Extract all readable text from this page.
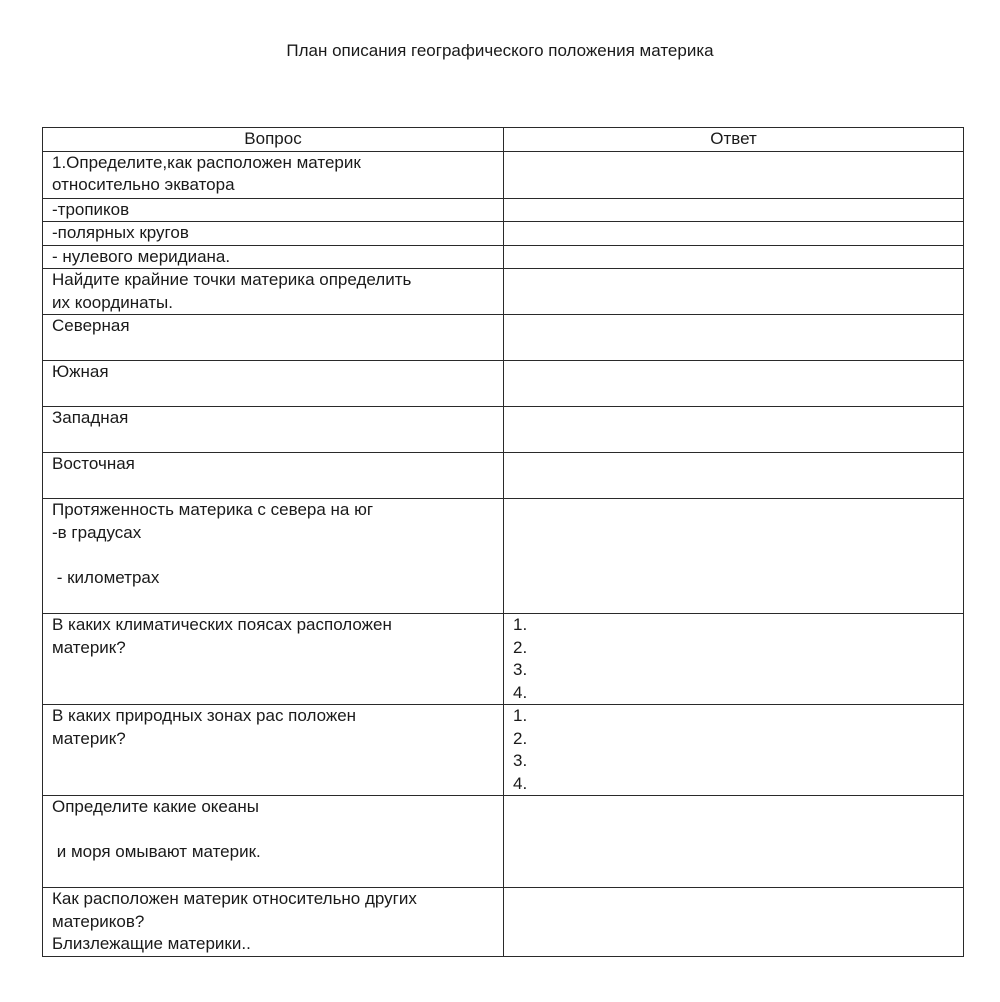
План описания географического положения материка
Вопрос	Ответ

1.Определите,как расположен материк
относительно экватора	

-тропиков	

-полярных кругов	

- нулевого меридиана.	

Найдите крайние точки материка определить
их координаты.	

Северная	

Южная	

Западная	

Восточная	

Протяженность материка с севера на юг
-в градусах
- километрах	

В каких климатических поясах расположен
материк?	1.
2.
3.
4.

В каких природных зонах рас положен
материк?	1.
2.
3.
4.

Определите какие океаны
и моря омывают материк.	

Как расположен материк относительно других
материков?
Близлежащие материки..	
